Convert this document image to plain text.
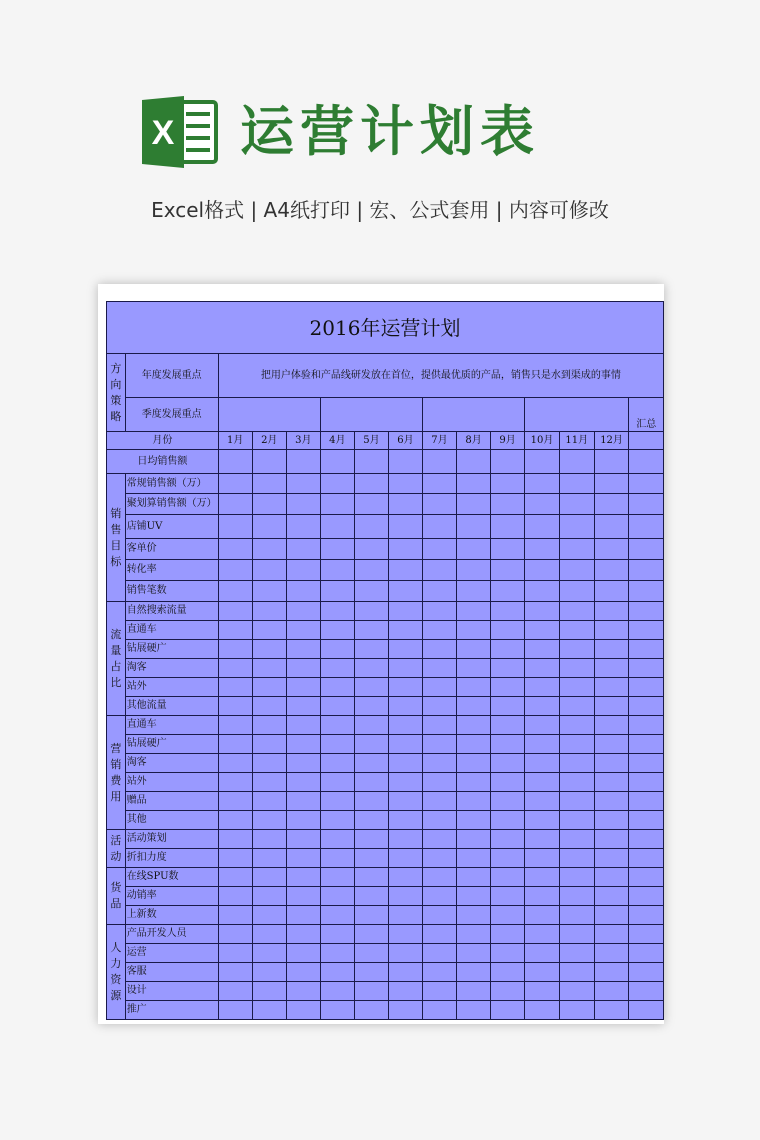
X 运营计划表
Excel格式 | A4纸打印 | 宏、公式套用 | 内容可修改
2016年运营计划														
方向策略	年度发展重点	把用户体验和产品线研发放在首位，提供最优质的产品，销售只是水到渠成的事情												
	季度发展重点													汇总
月份		1月	2月	3月	4月	5月	6月	7月	8月	9月	10月	11月	12月	
日均销售额														
销售目标	常规销售额（万）													
	聚划算销售额（万）													
	店铺UV													
	客单价													
	转化率													
	销售笔数													
流量占比	自然搜索流量													
	直通车													
	钻展硬广													
	淘客													
	站外													
	其他流量													
营销费用	直通车													
	钻展硬广													
	淘客													
	站外													
	赠品													
	其他													
活动	活动策划													
	折扣力度													
货品	在线SPU数													
	动销率													
	上新数													
人力资源	产品开发人员													
	运营													
	客服													
	设计													
	推广													
